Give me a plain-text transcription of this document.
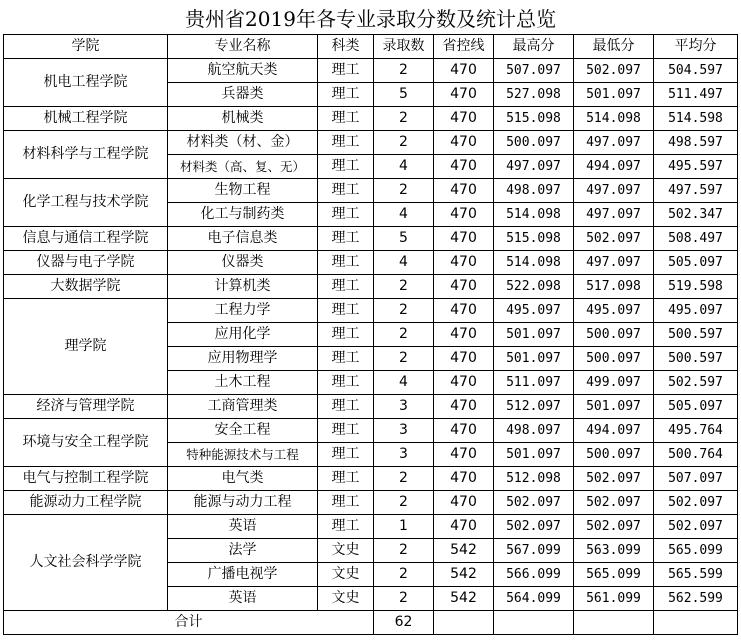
贵州省2019年各专业录取分数及统计总览
学院	专业名称	科类	录取数	省控线	最高分	最低分	平均分
机电工程学院	航空航天类	理工	2	470	507.097	502.097	504.597
	兵器类	理工	5	470	527.098	501.097	511.497
机械工程学院	机械类	理工	2	470	515.098	514.098	514.598
材料科学与工程学院	材料类（材、金）	理工	2	470	500.097	497.097	498.597
	材料类（高、复、无）	理工	4	470	497.097	494.097	495.597
化学工程与技术学院	生物工程	理工	2	470	498.097	497.097	497.597
	化工与制药类	理工	4	470	514.098	497.097	502.347
信息与通信工程学院	电子信息类	理工	5	470	515.098	502.097	508.497
仪器与电子学院	仪器类	理工	4	470	514.098	497.097	505.097
大数据学院	计算机类	理工	2	470	522.098	517.098	519.598
理学院	工程力学	理工	2	470	495.097	495.097	495.097
	应用化学	理工	2	470	501.097	500.097	500.597
	应用物理学	理工	2	470	501.097	500.097	500.597
	土木工程	理工	4	470	511.097	499.097	502.597
经济与管理学院	工商管理类	理工	3	470	512.097	501.097	505.097
环境与安全工程学院	安全工程	理工	3	470	498.097	494.097	495.764
	特种能源技术与工程	理工	3	470	501.097	500.097	500.764
电气与控制工程学院	电气类	理工	2	470	512.098	502.097	507.097
能源动力工程学院	能源与动力工程	理工	2	470	502.097	502.097	502.097
人文社会科学学院	英语	理工	1	470	502.097	502.097	502.097
	法学	文史	2	542	567.099	563.099	565.099
	广播电视学	文史	2	542	566.099	565.099	565.599
	英语	文史	2	542	564.099	561.099	562.599
合计			62				
